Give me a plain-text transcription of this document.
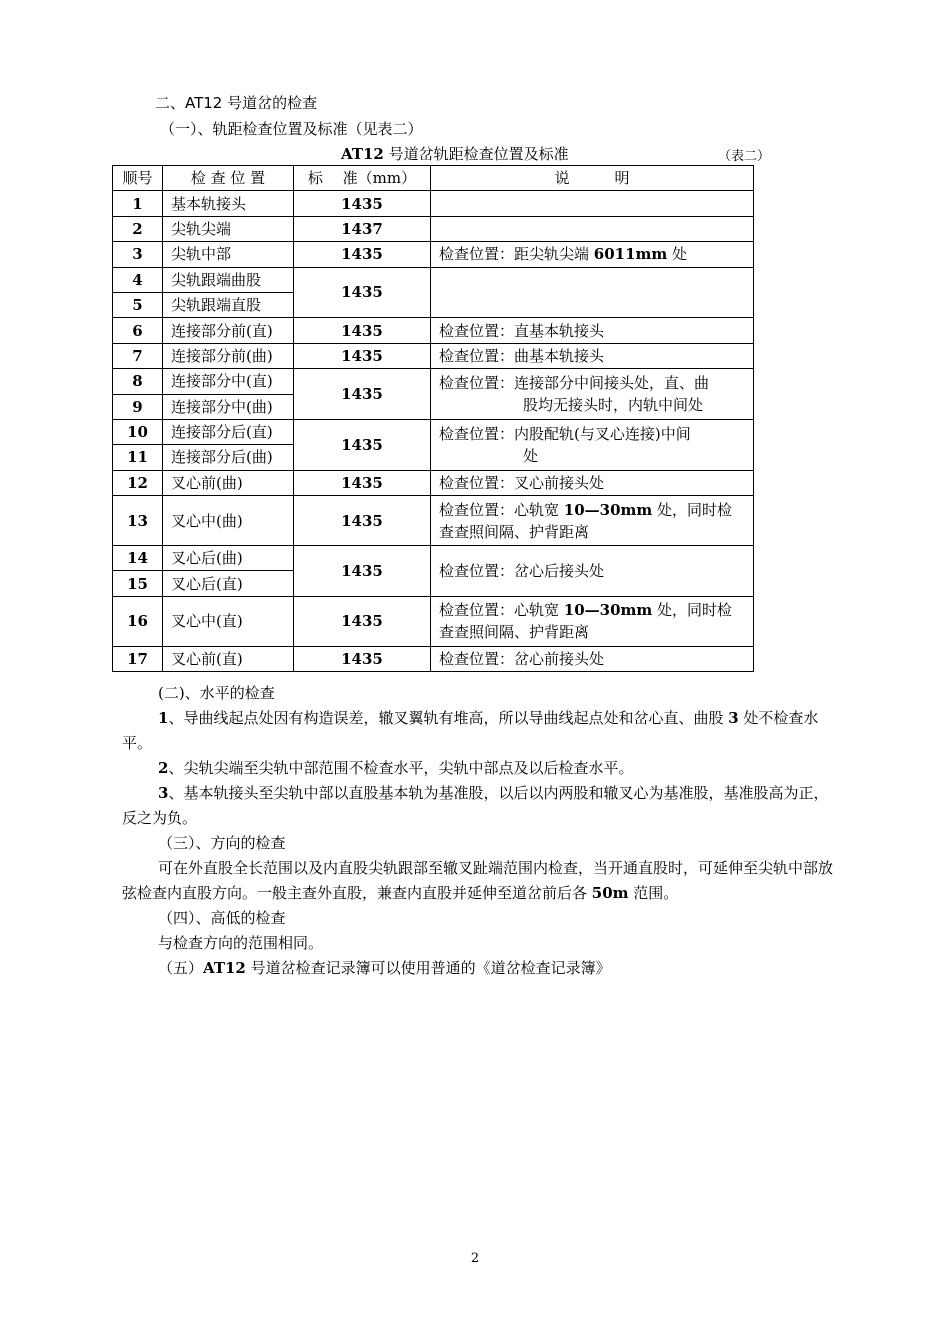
二、AT12 号道岔的检查
（一）、轨距检查位置及标准（见表二）
AT12 号道岔轨距检查位置及标准	（表二）
顺号	检 查 位 置	标　 准（mm）	说　　　明
1	基本轨接头	1435	
2	尖轨尖端	1437	
3	尖轨中部	1435	检查位置：距尖轨尖端 6011mm 处
4	尖轨跟端曲股	1435	
5	尖轨跟端直股		
6	连接部分前(直)	1435	检查位置：直基本轨接头
7	连接部分前(曲)	1435	检查位置：曲基本轨接头
8	连接部分中(直)	1435	检查位置：连接部分中间接头处，直、曲
股均无接头时，内轨中间处

9	连接部分中(曲)		
10	连接部分后(直)	1435	检查位置：内股配轨(与叉心连接)中间
处

11	连接部分后(曲)		
12	叉心前(曲)	1435	检查位置：叉心前接头处
13	叉心中(曲)	1435	检查位置：心轨宽 10—30mm 处，同时检
查查照间隔、护背距离

14	叉心后(曲)	1435	检查位置：岔心后接头处
15	叉心后(直)		
16	叉心中(直)	1435	检查位置：心轨宽 10—30mm 处，同时检
查查照间隔、护背距离

17	叉心前(直)	1435	检查位置：岔心前接头处

(二)、水平的检查

1、导曲线起点处因有构造误差，辙叉翼轨有堆高，所以导曲线起点处和岔心直、曲股 3 处不检查水平。

2、尖轨尖端至尖轨中部范围不检查水平，尖轨中部点及以后检查水平。

3、基本轨接头至尖轨中部以直股基本轨为基准股，以后以内两股和辙叉心为基准股，基准股高为正，反之为负。

（三）、方向的检查

可在外直股全长范围以及内直股尖轨跟部至辙叉趾端范围内检查，当开通直股时，可延伸至尖轨中部放弦检查内直股方向。一般主查外直股，兼查内直股并延伸至道岔前后各 50m 范围。

（四）、高低的检查

与检查方向的范围相同。

（五）AT12 号道岔检查记录簿可以使用普通的《道岔检查记录簿》

2
